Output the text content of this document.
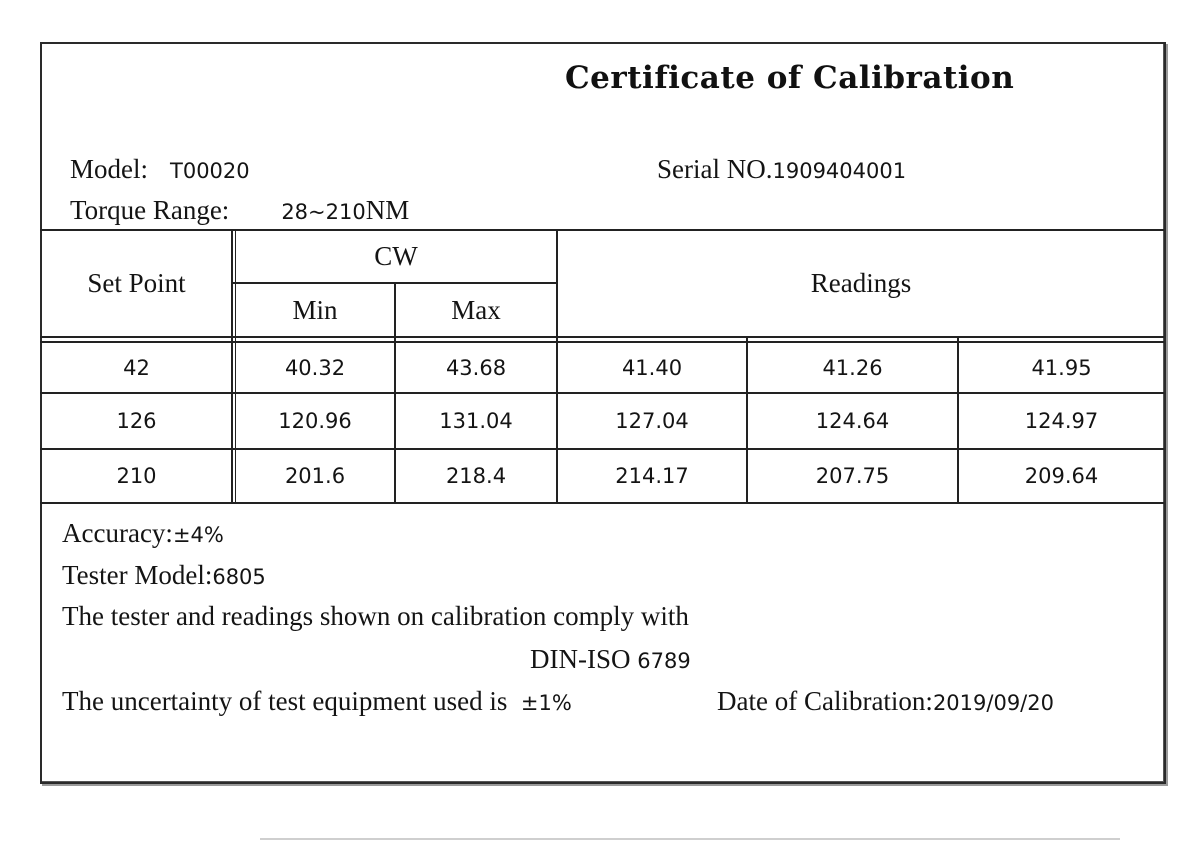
Certificate of Calibration
Model: T00020	Serial NO.1909404001
Torque Range: 28~210NM
Set Point
CW
Min	Max
Readings
42	40.32	43.68	41.40	41.26	41.95
126	120.96	131.04	127.04	124.64	124.97
210	201.6	218.4	214.17	207.75	209.64
Accuracy:±4%
Tester Model:6805
The tester and readings shown on calibration comply with
DIN-ISO 6789
The uncertainty of test equipment used is ±1%	Date of Calibration:2019/09/20
